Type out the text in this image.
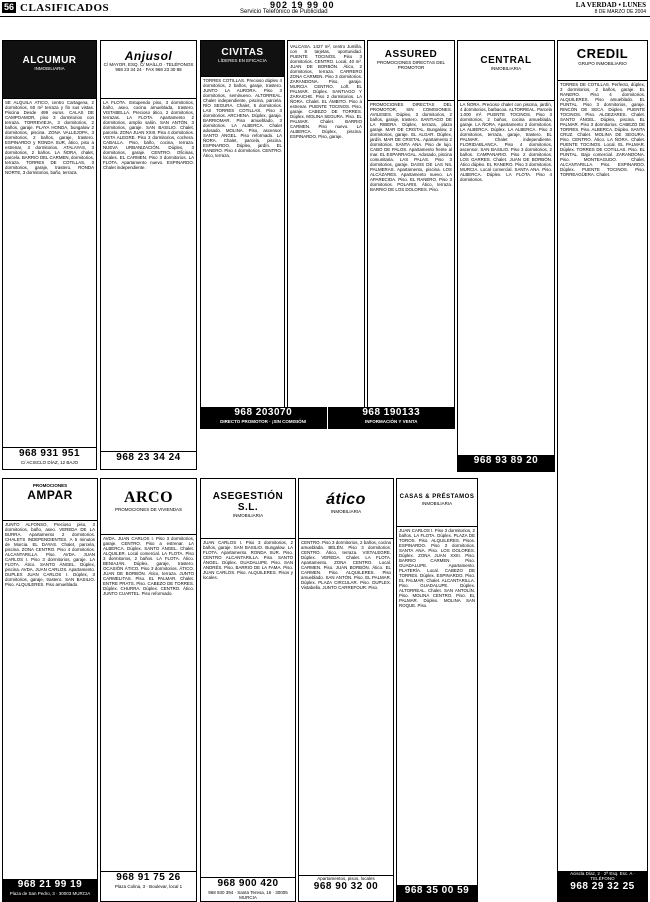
56 CLASIFICADOS	902 19 99 00
Servicio Telefónico de Publicidad
LA VERDAD • LUNES
8 DE MARZO DE 2004
ALCUMUR
INMOBILIARIA

SE ALQUILA ATICO, centro Cartagena, 2 dormitorios, 60 m² terraza y fin sus vistas. Piscina Desde 499 euros. CALAS DE CAMPOAMOR, piso 3 dormitorios con terraza. TORREVIEJA, 3 dormitorios, 2 baños, garaje. PLAYA HONDA, bungalow 2 dormitorios, piscina. ZONA VALLEJOPA, 3 dormitorios, 2 baños, garaje, trastero. ESPINARDO y RONDA SUR, ático, piso a estrenar, 3 dormitorios. ATALAYAS, 3 dormitorios, 2 baños. LA ÑORA, chalet, parcela. BARRIO DEL CARMEN, dormitorios, terraza. TORRES DE COTILLAS, 3 dormitorios, garaje, trastero. RONDA NORTE, 3 dormitorios, baño, terraza.

968 931 951
C/ ACISCLO DÍAZ, 12 BAJO
Anjusol
C/ MAYOR, ESQ. C/ MAÍLLO · TELÉFONOS 968 23 34 24 · FAX 968 23 30 88

LA FLOTA. Estupendo piso, 3 dormitorios, baño, aseo, cocina amueblada, trastero. VISTABELLA. Precioso ático, 2 dormitorios, terrazas. LA FLOTA. Apartamento 2 dormitorios, amplio salón. SAN ANTÓN. 3 dormitorios, garaje. SAN BASILIO. Chalet, parcela. ZONA JUAN XXIII. Piso 4 dormitorios. VISTA ALEGRE. Piso 3 dormitorios, cochera. CABALLA. Piso, baño, cocina, terraza. NUEVA URBANIZACIÓN. Dúplex, 3 dormitorios, garaje. CENTRO. Oficinas, locales. EL CARMEN. Piso 3 dormitorios. LA FLOTA. Apartamento nuevo. ESPINARDO. Chalet independiente.

968 23 34 24
CIVITAS
LÍDERES EN EFICACIA

TORRES COTILLAS. Precioso dúplex 4 dormitorios, 2 baños, garaje, trastero. JUNTO LA AURORA. Piso 3 dormitorios, seminuevo. ALTORREAL. Chalet independiente, piscina, parcela. RÍO SEGURA. Chalet, 5 dormitorios. LAS TORRES COTILLAS. Piso 3 dormitorios. ARCHENA. Dúplex, garaje. BARRIOMAR. Piso amueblado, 3 dormitorios. LA ALBERCA. Chalet adosado. MOLINA. Piso, ascensor. SANTO ÁNGEL. Piso reformado. LA ÑORA. Chalet, parcela, piscina. ESPINARDO. Dúplex, jardín. EL RANERO. Piso 4 dormitorios. CENTRO. Ático, terraza.

VALCASA. 1427 m², centro Jumilla, con 8 tarjetas, oportunidad. PUENTE TOCINOS. Piso 3 dormitorios. CENTRO. Local, 40 m². JUAN DE BORBÓN. Ático, 2 dormitorios, terraza. CARRERO ZONA CARMEN. Piso 3 dormitorios. ZARANDONA. Piso, garaje. MURCIA CENTRO. Loft. EL PALMAR. Dúplex. SANTIAGO Y ZARAICHE. Piso 2 dormitorios. LA ÑORA. Chalet. EL ÁMBITO. Piso a estrenar. PUENTE TOCINOS. Piso, garaje. CABEZO DE TORRES. Dúplex. MOLINA SEGURA. Piso. EL PALMAR. Chalet. BARRIO CARMEN. Piso nuevo. LA ALBERCA. Dúplex, piscina. ESPINARDO. Piso, garaje.

ASSURED
PROMOCIONES DIRECTAS DEL PROMOTOR

PROMOCIONES DIRECTAS DEL PROMOTOR, SIN COMISIONES. AVILESES. Dúplex, 3 dormitorios, 2 baños, garaje, trastero. SANTIAGO DE LA RIBERA. Dúplex, terraza, plaza garaje. MAR DE CRISTAL. Bungalow, 2 dormitorios, garaje. EL ALGAR. Dúplex, jardín. MAR DE CRISTAL. Apartamento 2 dormitorios. SANTA ANA. Piso de lujo. CABO DE PALOS. Apartamento frente al mar. EL ESPARRAGAL. Adosado, piscina comunitaria. LAS PALAS. Piso 3 dormitorios, garaje. DASIS DE LAS NIL PALMERAS. Apartamento, piscina. LOS ALCÁZARES. Apartamento nuevo. LA APARECIDA. Piso. EL RANERO. Piso 3 dormitorios. POLARIS. Ático, terraza. BARRIO DE LOS DOLORES. Piso.

968 203070
DIRECTO PROMOTOR · ¡SIN COMISIÓN!
968 190133
INFORMACIÓN Y VENTA
CENTRAL
INMOBILIARIA

LA ÑORA. Precioso chalet con piscina, jardín, 4 dormitorios, barbacoa. ALTORREAL. Parcela 1.000 m². PUENTE TOCINOS. Piso 3 dormitorios, 2 baños, cocina amueblada, garaje. LA ÑORA. Apartamento 2 dormitorios. LA ALBERCA. Dúplex. LA ALBERCA. Piso 3 dormitorios, terraza, garaje, trastero. EL PALMAR. Chalet independiente. FLORIDABLANCA. Piso 4 dormitorios, ascensor. SAN BASILIO. Piso 3 dormitorios, 2 baños. CAMPANARIO. Piso 2 dormitorios. LOS GARRES. Chalet. JUAN DE BORBÓN. Ático dúplex. EL RANERO. Piso 3 dormitorios. MURCIA. Local comercial. SANTA ANA. Piso. ALBERCA. Dúplex. LA FLOTA. Piso 4 dormitorios.

968 93 89 20
CREDIL
GRUPO INMOBILIARIO

TORRES DE COTILLAS. Perfecto, dúplex, 3 dormitorios, 2 baños, garaje. EL RANERO. Piso 4 dormitorios. ALQUILERES. Piso amueblado. EL PUNTAL. Piso 3 dormitorios, garaje. RINCÓN DE SECA. Dúplex. PUENTE TOCINOS. Piso. ALGEZARES. Chalet. SANTO ÁNGEL. Dúplex, piscina. EL PALMAR. Piso 3 dormitorios. CABEZO DE TORRES. Piso. ALBERCA. Dúplex. SANTA CRUZ. Chalet. MOLINA DE SEGURA. Piso. CENTRO. Ático. LA ÑORA. Chalet. PUENTE TOCINOS. Local. EL PALMAR. Dúplex. TORRES DE COTILLAS. Piso. EL PUNTAL. Bajo comercial. ZARANDONA. Piso. MONTEAGUDO. Chalet. ALCANTARILLA. Piso. ESPINARDO. Dúplex. PUENTE TOCINOS. Piso. TORREAGÜERA. Chalet.

Aciscla Díaz, 2 · 2ª Esq. Esc. A · TELÉFONO
968 29 32 25
PROMOCIONES
AMPAR

JUNTO ALFONSO, Precioso piso, 3 dormitorios, baño, aseo. VEREDA DE LA BURRA. Apartamento 2 dormitorios. CHALETS INDEPENDIENTES. A 5 minutos de Murcia. EL DAYAS. Chalet, parcela, piscina. ZONA CENTRO. Piso 4 dormitorios. ALCANTARILLA. Piso. AVDA. JUAN CARLOS I. Piso 3 dormitorios, garaje. LA FLOTA. Ático. SANTO ÁNGEL. Dúplex, piscina. AVDA. JUAN CARLOS. Apartamento. DUPLEX JUAN CARLOS I. Dúplex, 3 dormitorios, garaje, trastero. SAN BASILIO. Piso. ALQUILERES. Piso amueblado.

968 21 99 19
Plaza de San Pedro, 3 · 30003 MURCIA
ARCO
PROMOCIONES DE VIVIENDAS

AVDA. JUAN CARLOS I. Piso 3 dormitorios, garaje. CENTRO. Piso a estrenar. LA ALBERCA. Dúplex. SANTO ÁNGEL. Chalet. ALQUILER. Local comercial. LA FLOTA. Piso 3 dormitorios, 2 baños. LA FLOTA. Ático. BENIAJÁN. Dúplex, garaje, trastero. OCASIÓN ÁTICO. Piso 3 dormitorios. ÁTICO. JUAN DE BORBÓN. Ático, terraza. JUNTO CARMELITAS. Piso. EL PALMAR. Chalet. ENTRE PRATS. Piso. CABEZO DE TORRES. Dúplex. CHURRA. Dúplex. CENTRO. Ático. JUNTO CUARTEL. Piso reformado.

968 91 75 26
Plaza Colina, 3 · Boulevar, local 1
ASEGESTIÓN S.L.
INMOBILIARIA

JUAN CARLOS I. Piso 3 dormitorios, 2 baños, garaje. SAN BASILIO. Bungalow. LA FLOTA. Apartamento. RONDA SUR. Piso. CENTRO ALCANTARILLA. Piso. SANTO ÁNGEL. Dúplex. GUADALUPE. Piso. SAN ANDRÉS. Piso. BARRIO DE LA FAMA. Piso. JUAN CARLOS. Piso. ALQUILERES. Pisos y locales.

968 900 420
968 930 394 · Santa Teresa, 16 · 30005 MURCIA
ático
INMOBILIARIA

CENTRO. Piso 3 dormitorios, 2 baños, cocina amueblada. BELÉN. Piso 3 dormitorios. CENTRO. Ático, terraza. VISTALEGRE. Dúplex. VEREDA. Chalet. LA FLOTA. Apartamento. ZONA CENTRO. Local. CARMEN. Piso. JUAN BORBÓN. Ático. EL CARMEN. Piso. ALQUILERES. Piso amueblado. SAN ANTÓN. Piso. EL PALMAR. Dúplex. PLAZA CIRCULAR. Piso. DUPLEX. Vistabella. JUNTO CARREFOUR. Piso.

Apartamentos, pisos, locales
968 90 32 00
CASAS & PRÉSTAMOS
INMOBILIARIA

JUAN CARLOS I. Piso 3 dormitorios, 2 baños. LA FLOTA. Dúplex. PLAZA DE TOROS. Piso. ALQUILERES. Pisos. ESPINARDO. Piso 3 dormitorios. SANTA ANA. Piso. LOS DOLORES. Dúplex. ZONA JUAN XXIII. Piso. BARRIO CARMEN. Piso. GUADALUPE. Apartamento. PLATERÍA. Local. CABEZO DE TORRES. Dúplex. ESPINARDO. Piso. EL PALMAR. Chalet. ALCANTARILLA. Piso. GUADALUPE. Dúplex. ALTORREAL. Chalet. SAN ANTOLÍN. Piso. MOLINA CENTRO. Piso. EL PALMAR. Dúplex. MOLINA SAN ROQUE. Piso.

968 35 00 59
